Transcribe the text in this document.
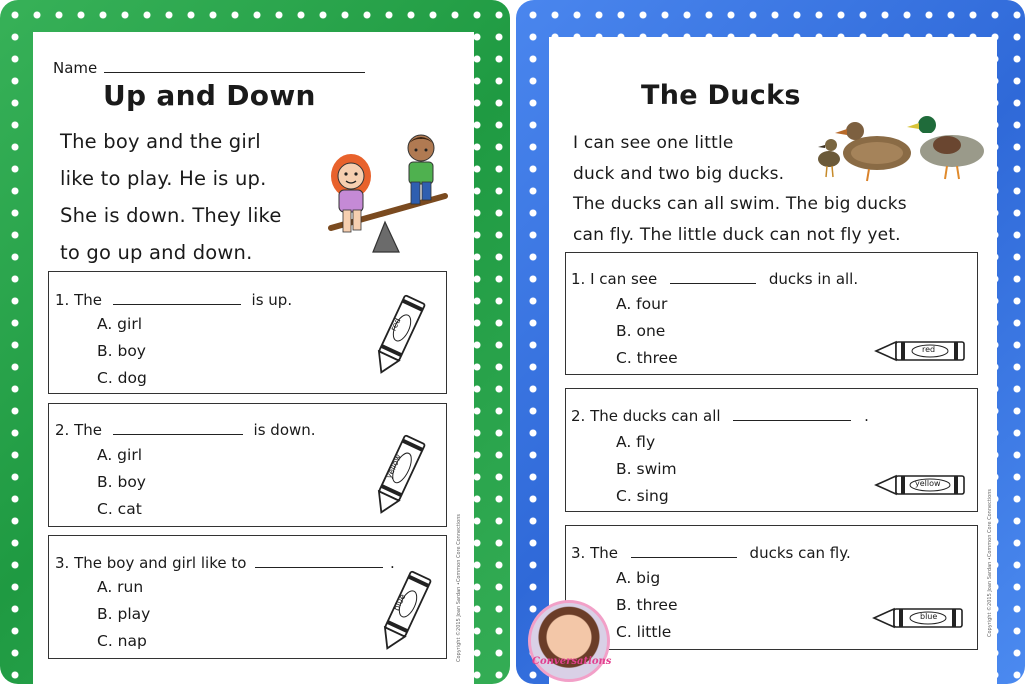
Name
Up and Down
The boy and the girl
like to play. He is up.
She is down. They like
to go up and down.
1. The	is up.
A. girl
B. boy
C. dog
red
2. The	is down.
A. girl
B. boy
C. cat
yellow
3. The boy and girl like to	.
A. run
B. play
C. nap
blue	Copyright ©2015 Joan Sardan •Common Core Connections
The Ducks
I can see one little
duck and two big ducks.
The ducks can all swim. The big ducks
can fly. The little duck can not fly yet.
1. I can see	ducks in all.
A. four
B. one
C. three	red
2. The ducks can all	.
A. fly
B. swim
C. sing
yellow
3. The	ducks can fly.
A. big
B. three
C. little
blue	Copyright ©2015 Joan Sardan •Common Core Connections
Conversations
